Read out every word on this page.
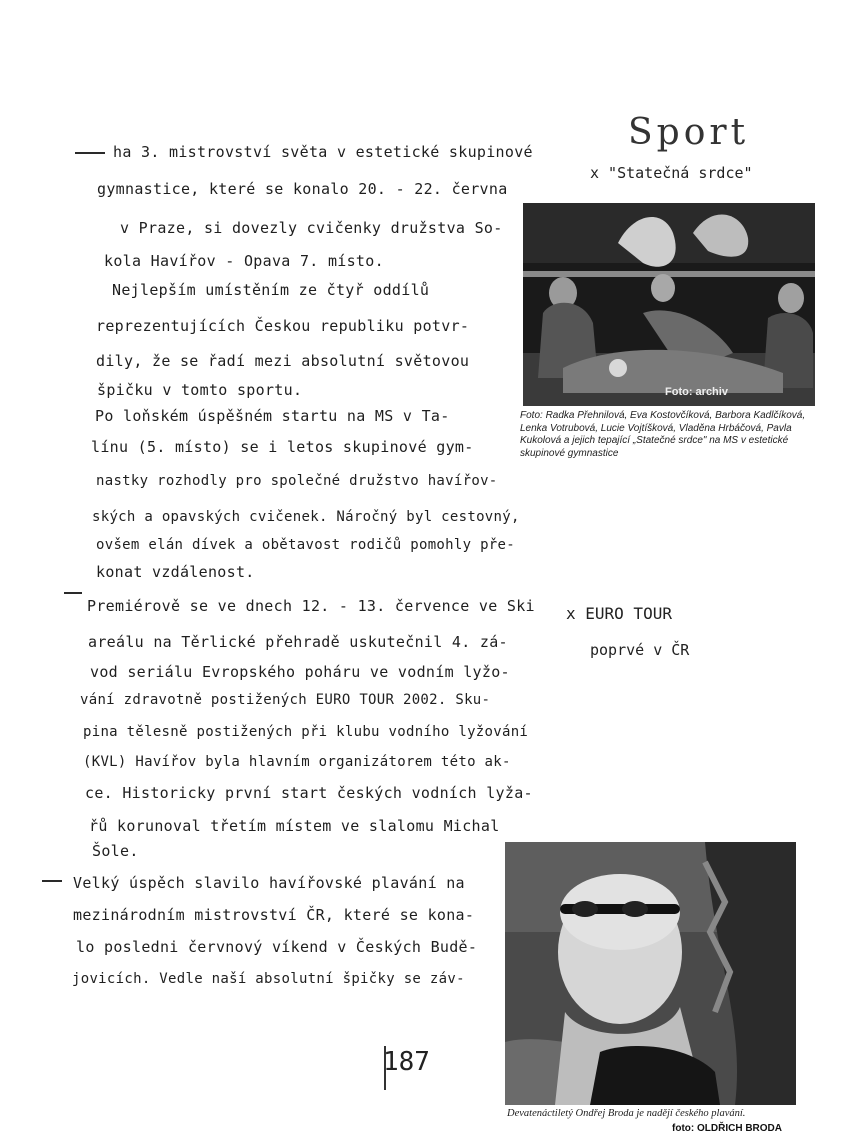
Sport
ha 3. mistrovství světa v estetické skupinové
gymnastice, které se konalo 20. - 22. června
v Praze, si dovezly cvičenky družstva So-
kola Havířov - Opava 7. místo.
Nejlepším umístěním ze čtyř oddílů
reprezentujících Českou republiku potvr-
dily, že se řadí mezi absolutní světovou
špičku v tomto sportu.
Po loňském úspěšném startu na MS v Ta-
línu (5. místo) se i letos skupinové gym-
nastky rozhodly pro společné družstvo havířov-
ských a opavských cvičenek. Náročný byl cestovný,
ovšem elán dívek a obětavost rodičů pomohly pře-
konat vzdálenost.
Premiérově se ve dnech 12. - 13. července ve Ski
areálu na Těrlické přehradě uskutečnil 4. zá-
vod seriálu Evropského poháru ve vodním lyžo-
vání zdravotně postižených EURO TOUR 2002. Sku-
pina tělesně postižených při klubu vodního lyžování
(KVL) Havířov byla hlavním organizátorem této ak-
ce. Historicky první start českých vodních lyža-
řů korunoval třetím místem ve slalomu Michal
Šole.
Velký úspěch slavilo havířovské plavání na
mezinárodním mistrovství ČR, které se kona-
lo posledni červnový víkend v Českých Budě-
jovicích. Vedle naší absolutní špičky se záv-
x "Statečná srdce"
x EURO TOUR
poprvé v ČR
Foto: archiv
Foto: Radka Přehnilová, Eva Kostovčíková, Barbora Kadlčíková, Lenka Votrubová, Lucie Vojtíšková, Vladěna Hrbáčová, Pavla Kukolová a jejich tepající „Statečné srdce" na MS v estetické skupinové gymnastice
Devatenáctiletý Ondřej Broda je nadějí českého plavání.
foto: OLDŘICH BRODA
187
